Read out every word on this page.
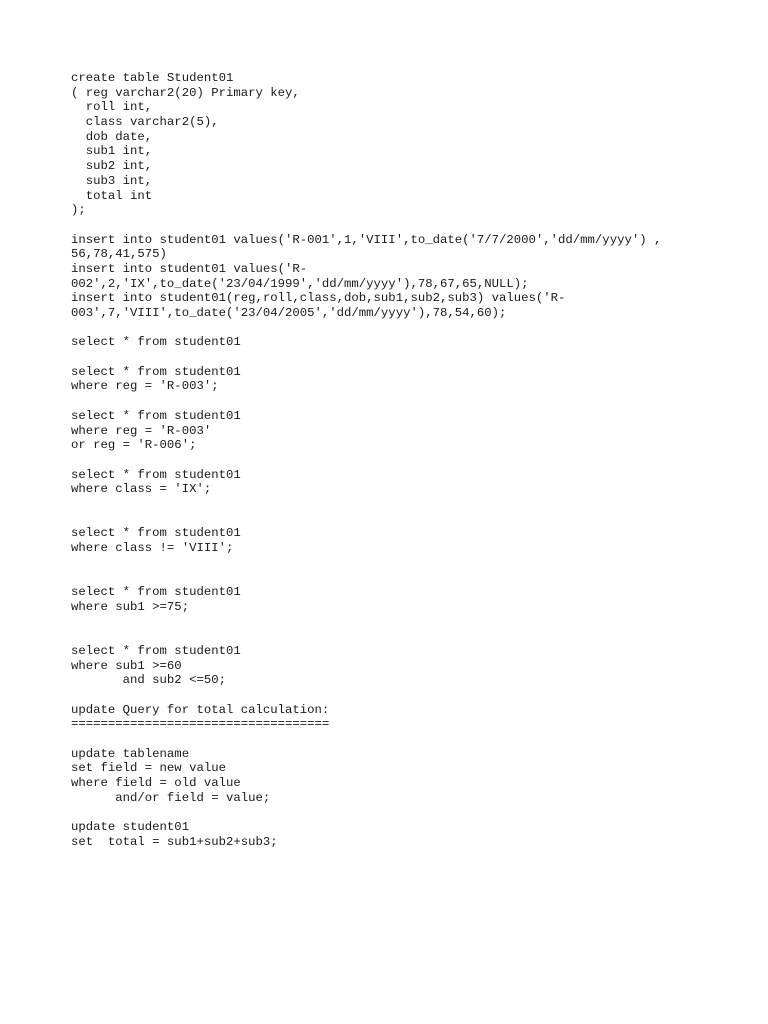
create table Student01
( reg varchar2(20) Primary key,
roll int,
class varchar2(5),
dob date,
sub1 int,
sub2 int,
sub3 int,
total int
);
insert into student01 values('R-001',1,'VIII',to_date('7/7/2000','dd/mm/yyyy') ,
56,78,41,575)
insert into student01 values('R-
002',2,'IX',to_date('23/04/1999','dd/mm/yyyy'),78,67,65,NULL);
insert into student01(reg,roll,class,dob,sub1,sub2,sub3) values('R-
003',7,'VIII',to_date('23/04/2005','dd/mm/yyyy'),78,54,60);
select * from student01
select * from student01
where reg = 'R-003';
select * from student01
where reg = 'R-003'
or reg = 'R-006';
select * from student01
where class = 'IX';
select * from student01
where class != 'VIII';
select * from student01
where sub1 >=75;
select * from student01
where sub1 >=60
and sub2 <=50;
update Query for total calculation:
===================================
update tablename
set field = new value
where field = old value
and/or field = value;
update student01
set  total = sub1+sub2+sub3;
